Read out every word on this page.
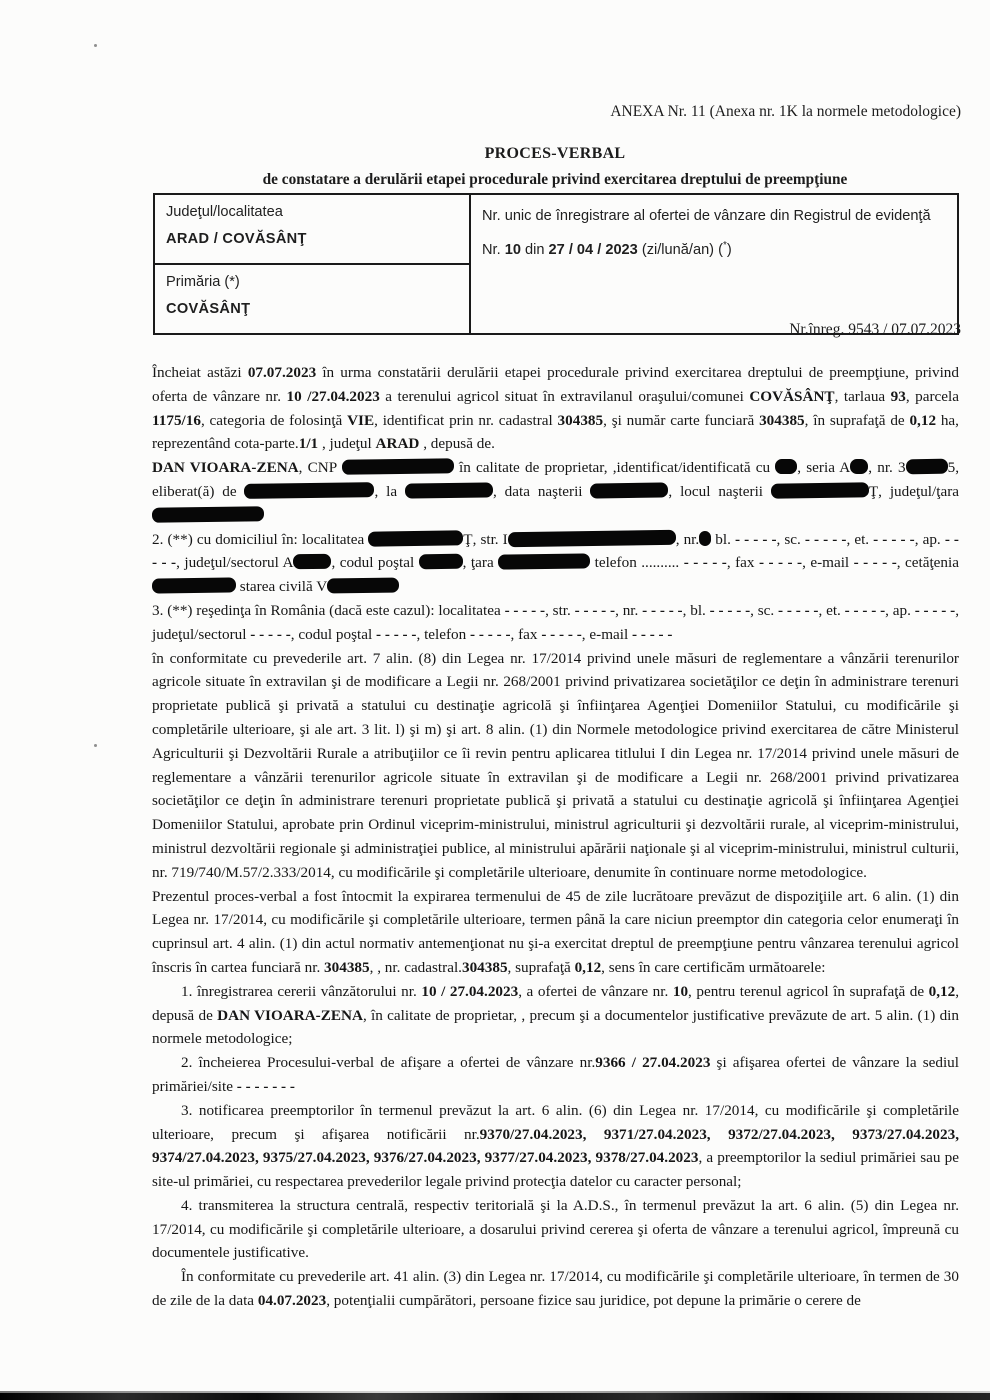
ANEXA Nr. 11 (Anexa nr. 1K la normele metodologice)
PROCES-VERBAL
de constatare a derulării etapei procedurale privind exercitarea dreptului de preempţiune
Judeţul/localitatea
ARAD / COVĂSÂNŢ

Nr. unic de înregistrare al ofertei de vânzare din Registrul de evidenţă
Nr. 10 din 27 / 04 / 2023 (zi/lună/an) (*)

Primăria (*)
COVĂSÂNŢ
Nr.înreg. 9543 / 07.07.2023

Încheiat astăzi 07.07.2023 în urma constatării derulării etapei procedurale privind exercitarea dreptului de preempţiune, privind oferta de vânzare nr. 10 /27.04.2023 a terenului agricol situat în extravilanul oraşului/comunei COVĂSÂNŢ, tarlaua 93, parcela 1175/16, categoria de folosinţă VIE, identificat prin nr. cadastral 304385, şi număr carte funciară 304385, în suprafaţă de 0,12 ha, reprezentând cota-parte.1/1 , judeţul ARAD , depusă de.

DAN VIOARA-ZENA, CNP	în calitate de proprietar, ,identificat/identificată cu , seria A , nr. 3	5, eliberat(ă) de	, la	, data naşterii	, locul naşterii	Ţ, judeţul/ţara

2. (**) cu domiciliul în: localitatea	Ţ, str. I	, nr. bl. - - - - -, sc. - - - - -, et. - - - - -, ap. - - - - -, judeţul/sectorul A	, codul poştal	, ţara	telefon .......... - - - - -, fax - - - - -, e-mail - - - - -, cetăţenia  starea civilă V

3. (**) reşedinţa în România (dacă este cazul): localitatea - - - - -, str. - - - - -, nr. - - - - -, bl. - - - - -, sc. - - - - -, et. - - - - -, ap. - - - - -, judeţul/sectorul - - - - -, codul poştal - - - - -, telefon - - - - -, fax - - - - -, e-mail - - - - -

în conformitate cu prevederile art. 7 alin. (8) din Legea nr. 17/2014 privind unele măsuri de reglementare a vânzării terenurilor agricole situate în extravilan şi de modificare a Legii nr. 268/2001 privind privatizarea societăţilor ce deţin în administrare terenuri proprietate publică şi privată a statului cu destinaţie agricolă şi înfiinţarea Agenţiei Domeniilor Statului, cu modificările şi completările ulterioare, şi ale art. 3 lit. l) şi m) şi art. 8 alin. (1) din Normele metodologice privind exercitarea de către Ministerul Agriculturii şi Dezvoltării Rurale a atribuţiilor ce îi revin pentru aplicarea titlului I din Legea nr. 17/2014 privind unele măsuri de reglementare a vânzării terenurilor agricole situate în extravilan şi de modificare a Legii nr. 268/2001 privind privatizarea societăţilor ce deţin în administrare terenuri proprietate publică şi privată a statului cu destinaţie agricolă şi înfiinţarea Agenţiei Domeniilor Statului, aprobate prin Ordinul viceprim-ministrului, ministrul agriculturii şi dezvoltării rurale, al viceprim-ministrului, ministrul dezvoltării regionale şi administraţiei publice, al ministrului apărării naţionale şi al viceprim-ministrului, ministrul culturii, nr. 719/740/M.57/2.333/2014, cu modificările şi completările ulterioare, denumite în continuare norme metodologice.

Prezentul proces-verbal a fost întocmit la expirarea termenului de 45 de zile lucrătoare prevăzut de dispoziţiile art. 6 alin. (1) din Legea nr. 17/2014, cu modificările şi completările ulterioare, termen până la care niciun preemptor din categoria celor enumeraţi în cuprinsul art. 4 alin. (1) din actul normativ antemenţionat nu şi-a exercitat dreptul de preempţiune pentru vânzarea terenului agricol înscris în cartea funciară nr. 304385, , nr. cadastral.304385, suprafaţă 0,12, sens în care certificăm următoarele:

1. înregistrarea cererii vânzătorului nr. 10 / 27.04.2023, a ofertei de vânzare nr. 10, pentru terenul agricol în suprafaţă de 0,12, depusă de DAN VIOARA-ZENA, în calitate de proprietar, , precum şi a documentelor justificative prevăzute de art. 5 alin. (1) din normele metodologice;

2. încheierea Procesului-verbal de afişare a ofertei de vânzare nr.9366 / 27.04.2023 şi afişarea ofertei de vânzare la sediul primăriei/site - - - - - - -

3. notificarea preemptorilor în termenul prevăzut la art. 6 alin. (6) din Legea nr. 17/2014, cu modificările şi completările ulterioare, precum şi afişarea notificării nr.9370/27.04.2023, 9371/27.04.2023, 9372/27.04.2023, 9373/27.04.2023, 9374/27.04.2023, 9375/27.04.2023, 9376/27.04.2023, 9377/27.04.2023, 9378/27.04.2023, a preemptorilor la sediul primăriei sau pe site-ul primăriei, cu respectarea prevederilor legale privind protecţia datelor cu caracter personal;

4. transmiterea la structura centrală, respectiv teritorială şi la A.D.S., în termenul prevăzut la art. 6 alin. (5) din Legea nr. 17/2014, cu modificările şi completările ulterioare, a dosarului privind cererea şi oferta de vânzare a terenului agricol, împreună cu documentele justificative.

În conformitate cu prevederile art. 41 alin. (3) din Legea nr. 17/2014, cu modificările şi completările ulterioare, în termen de 30 de zile de la data 04.07.2023, potenţialii cumpărători, persoane fizice sau juridice, pot depune la primărie o cerere de
